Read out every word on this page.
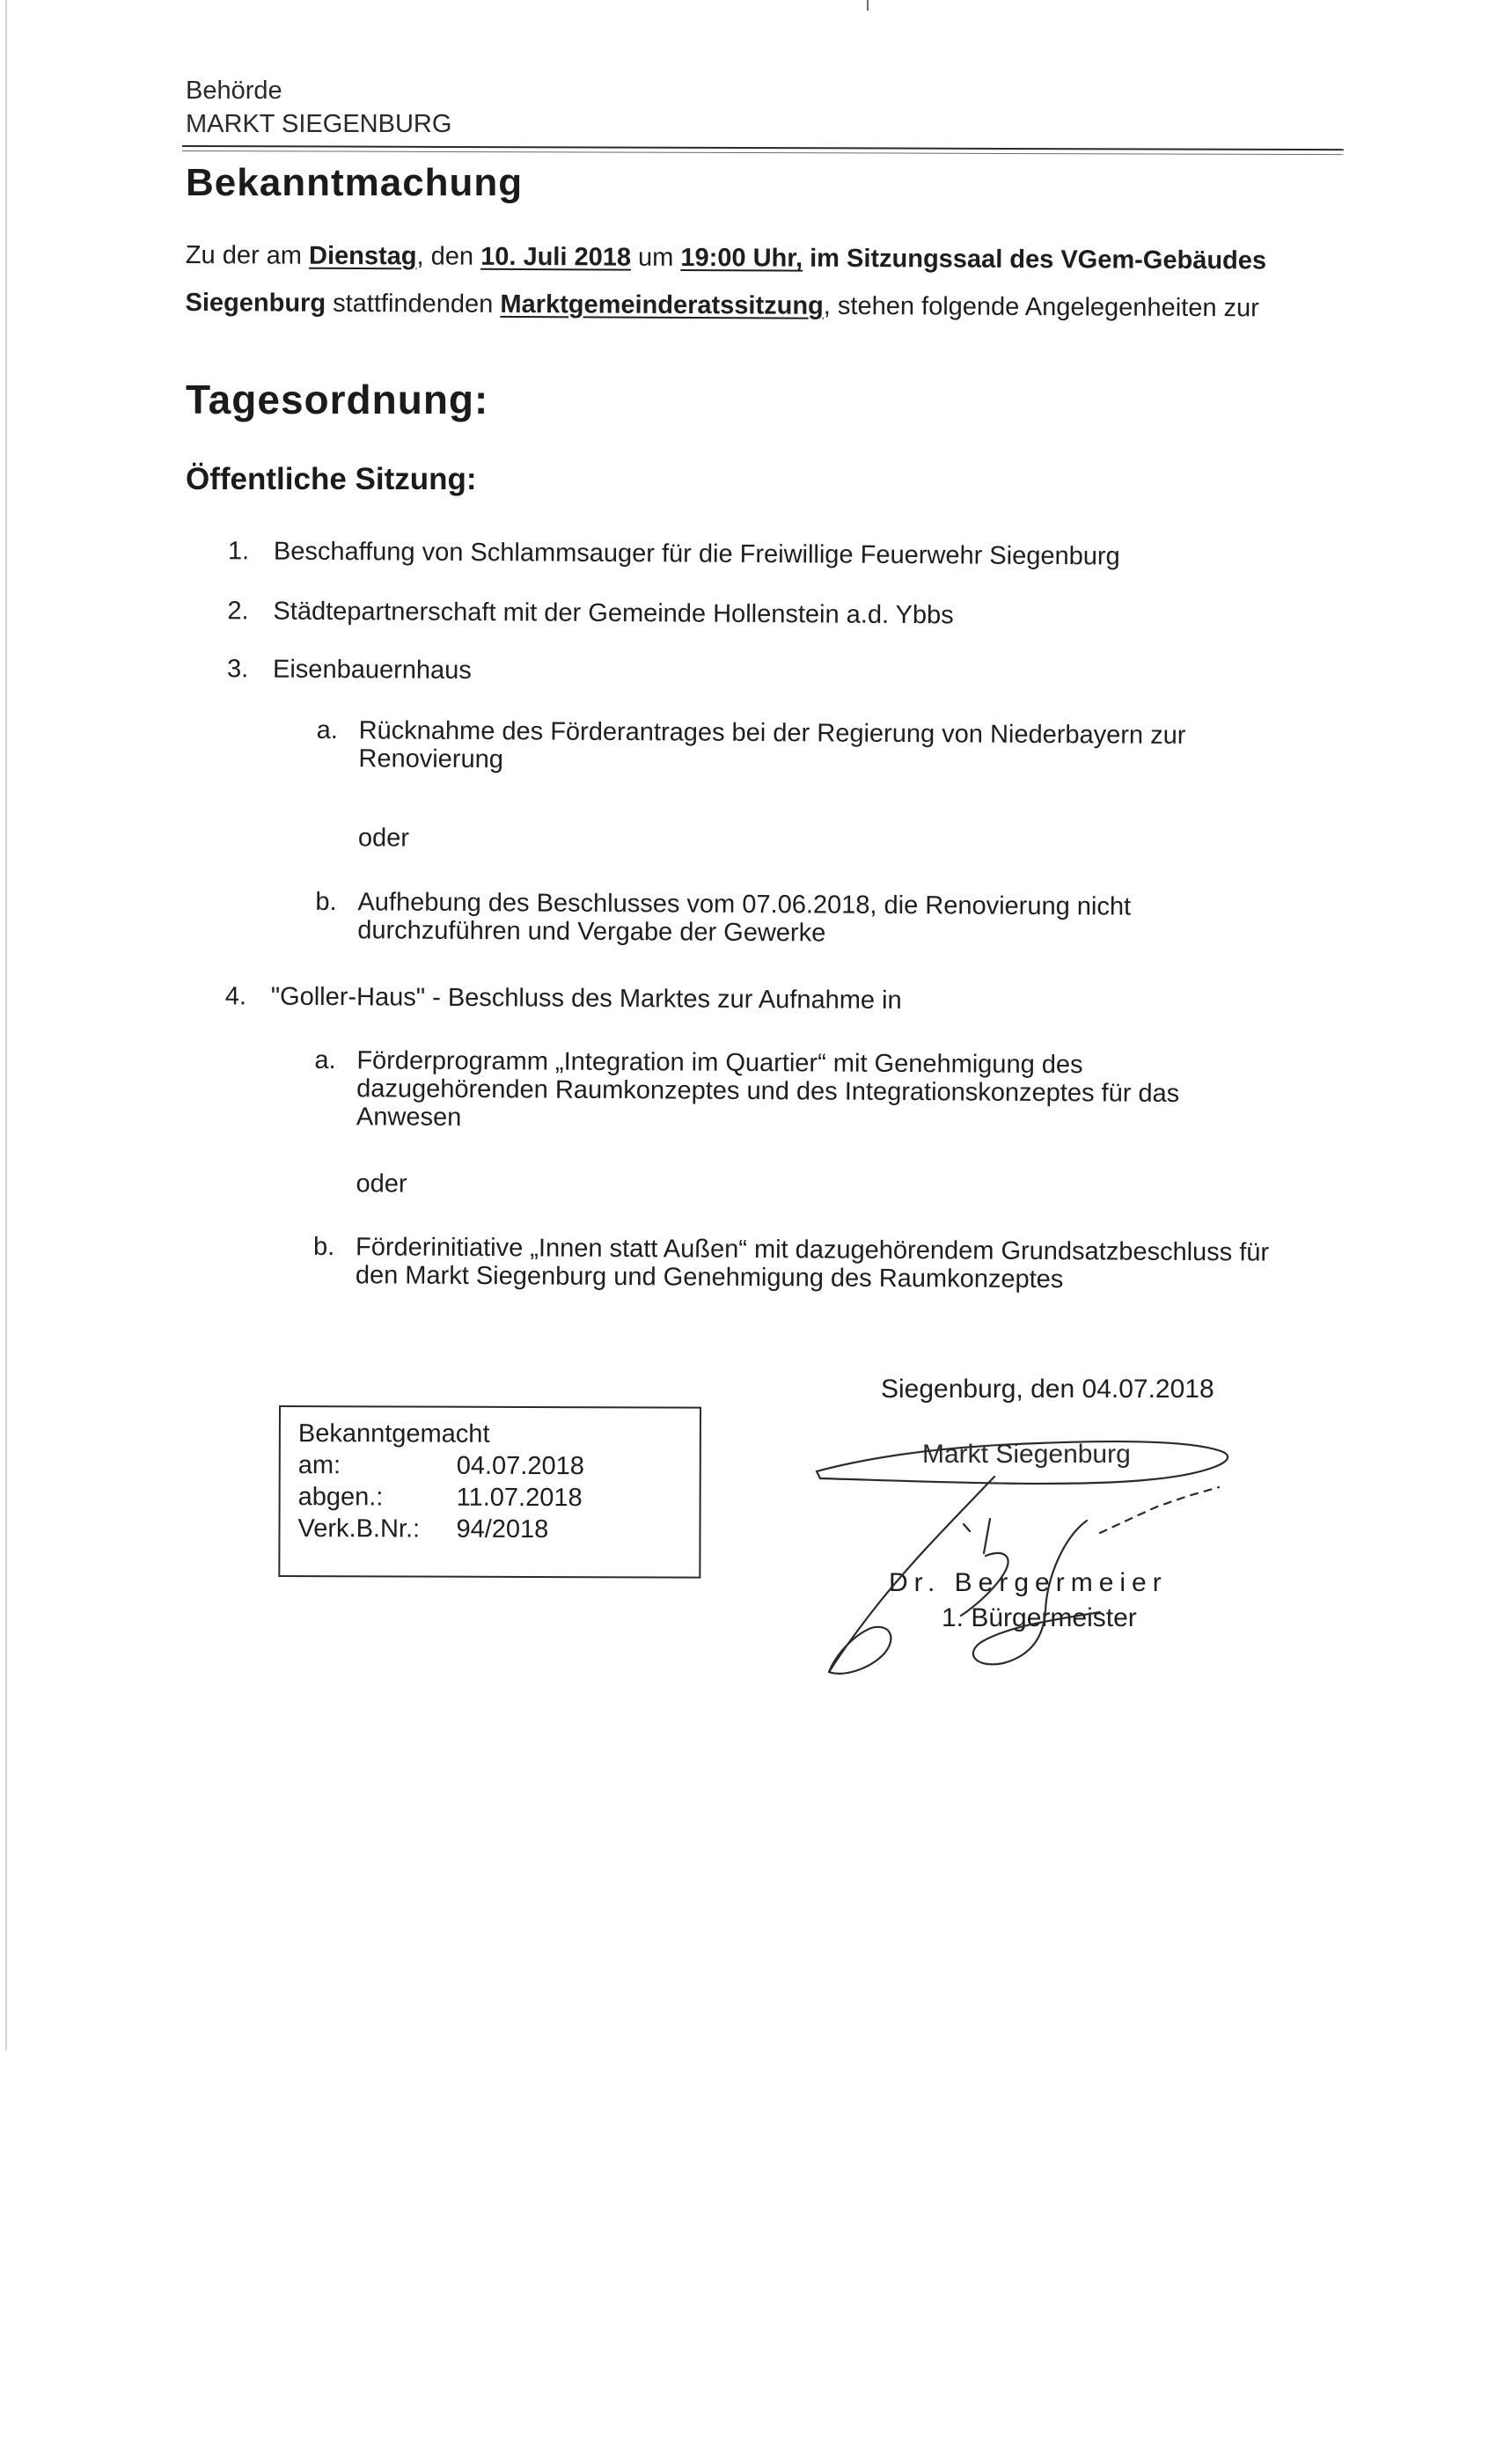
Behörde
MARKT SIEGENBURG
Bekanntmachung
Zu der am Dienstag, den 10. Juli 2018 um 19:00 Uhr, im Sitzungssaal des VGem-Gebäudes
Siegenburg stattfindenden Marktgemeinderatssitzung, stehen folgende Angelegenheiten zur
Tagesordnung:
Öffentliche Sitzung:
1. Beschaffung von Schlammsauger für die Freiwillige Feuerwehr Siegenburg
2. Städtepartnerschaft mit der Gemeinde Hollenstein a.d. Ybbs
3. Eisenbauernhaus
a. Rücknahme des Förderantrages bei der Regierung von Niederbayern zur Renovierung
oder
b. Aufhebung des Beschlusses vom 07.06.2018, die Renovierung nicht durchzuführen und Vergabe der Gewerke
4. "Goller-Haus" - Beschluss des Marktes zur Aufnahme in
a. Förderprogramm „Integration im Quartier“ mit Genehmigung des dazugehörenden Raumkonzeptes und des Integrationskonzeptes für das Anwesen
oder
b. Förderinitiative „Innen statt Außen“ mit dazugehörendem Grundsatzbeschluss für den Markt Siegenburg und Genehmigung des Raumkonzeptes
Siegenburg, den 04.07.2018
Bekanntgemacht
am:	04.07.2018
abgen.:	11.07.2018
Verk.B.Nr.: 94/2018
Markt Siegenburg
Dr. Bergermeier
1. Bürgermeister
